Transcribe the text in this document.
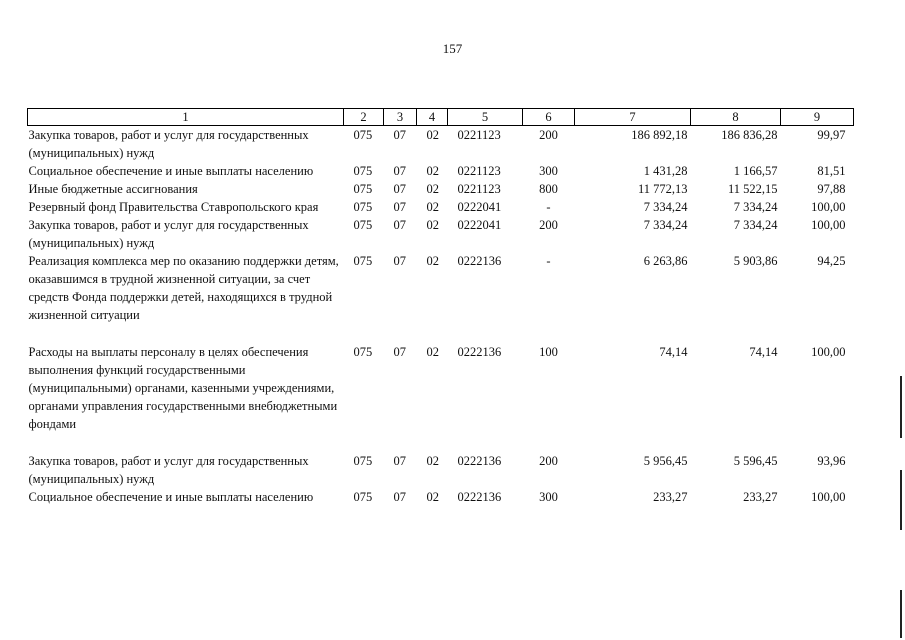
157
1	2	3	4	5	6	7	8	9
Закупка товаров, работ и услуг для государственных (муниципальных) нужд	075	07	02	0221123	200	186 892,18	186 836,28	99,97
Социальное обеспечение и иные выплаты населению	075	07	02	0221123	300	1 431,28	1 166,57	81,51
Иные бюджетные ассигнования	075	07	02	0221123	800	11 772,13	11 522,15	97,88
Резервный фонд Правительства Ставропольского края	075	07	02	0222041	-	7 334,24	7 334,24	100,00
Закупка товаров, работ и услуг для государственных (муниципальных) нужд	075	07	02	0222041	200	7 334,24	7 334,24	100,00
Реализация комплекса мер по оказанию поддержки детям, оказавшимся в трудной жизненной ситуации, за счет средств Фонда поддержки детей, находящихся в трудной жизненной ситуации	075	07	02	0222136	-	6 263,86	5 903,86	94,25

Расходы на выплаты персоналу в целях обеспечения выполнения функций государственными (муниципальными) органами, казенными учреждениями, органами управления государственными внебюджетными фондами	075	07	02	0222136	100	74,14	74,14	100,00

Закупка товаров, работ и услуг для государственных (муниципальных) нужд	075	07	02	0222136	200	5 956,45	5 596,45	93,96
Социальное обеспечение и иные выплаты населению	075	07	02	0222136	300	233,27	233,27	100,00
